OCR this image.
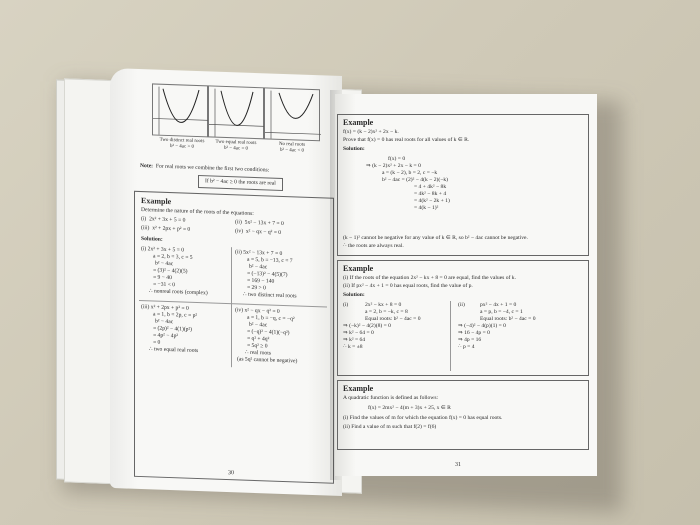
Two distinct real roots
b² − 4ac > 0
Two equal real roots
b² − 4ac = 0
No real roots
b² − 4ac < 0
Note: For real roots we combine the first two conditions:
If b² − 4ac ≥ 0 the roots are real
Example
Determine the nature of the roots of the equations:
(i) 2x² + 3x + 5 = 0	(ii) 5x² − 13x + 7 = 0
(iii) x² + 2px + p² = 0	(iv) x² − qx − q² = 0
Solution:
(i) 2x² + 3x + 5 = 0
a = 2, b = 3, c = 5
b² − 4ac
= (3)² − 4(2)(5)
= 9 − 40
= −31 < 0
∴ nonreal roots (complex)
(ii) 5x² − 13x + 7 = 0
a = 5, b = −13, c = 7
b² − 4ac
= (−13)² − 4(5)(7)
= 169 − 140
= 29 > 0
∴ two distinct real roots
(iii) x² + 2px + p² = 0
a = 1, b = 2p, c = p²
b² − 4ac
= (2p)² − 4(1)(p²)
= 4p² − 4p²
= 0
∴ two equal real roots
(iv) x² − qx − q² = 0
a = 1, b = −q, c = −q²
b² − 4ac
= (−q)² − 4(1)(−q²)
= q² + 4q²
= 5q² ≥ 0
∴ real roots
(as 5q² cannot be negative)
30
Example
f(x) = (k − 2)x² + 2x − k.
Prove that f(x) = 0 has real roots for all values of k ∈ R.
Solution:
f(x) = 0
⇒ (k − 2)x² + 2x − k = 0
a = (k − 2), b = 2, c = −k
b² − 4ac = (2)² − 4(k − 2)(−k)
= 4 + 4k² − 8k
= 4k² − 8k + 4
= 4(k² − 2k + 1)
= 4(k − 1)²
(k − 1)² cannot be negative for any value of k ∈ R, so b² − 4ac cannot be negative.
∴ the roots are always real.
Example
(i) If the roots of the equation 2x² − kx + 8 = 0 are equal, find the values of k.
(ii) If px² − 4x + 1 = 0 has equal roots, find the value of p.
Solution:
(i)	2x² − kx + 8 = 0
a = 2, b = −k, c = 8
Equal roots: b² − 4ac = 0
⇒ (−k)² − 4(2)(8) = 0
⇒ k² − 64 = 0
⇒ k² = 64
∴ k = ±8
(ii)	px² − 4x + 1 = 0
a = p, b = −4, c = 1
Equal roots: b² − 4ac = 0
⇒ (−4)² − 4(p)(1) = 0
⇒ 16 − 4p = 0
⇒ 4p = 16
∴ p = 4
Example
A quadratic function is defined as follows:
f(x) = 2mx² − 4(m + 3)x + 25, x ∈ R
(i) Find the values of m for which the equation f(x) = 0 has equal roots.
(ii) Find a value of m such that f(2) = f(6)
31
